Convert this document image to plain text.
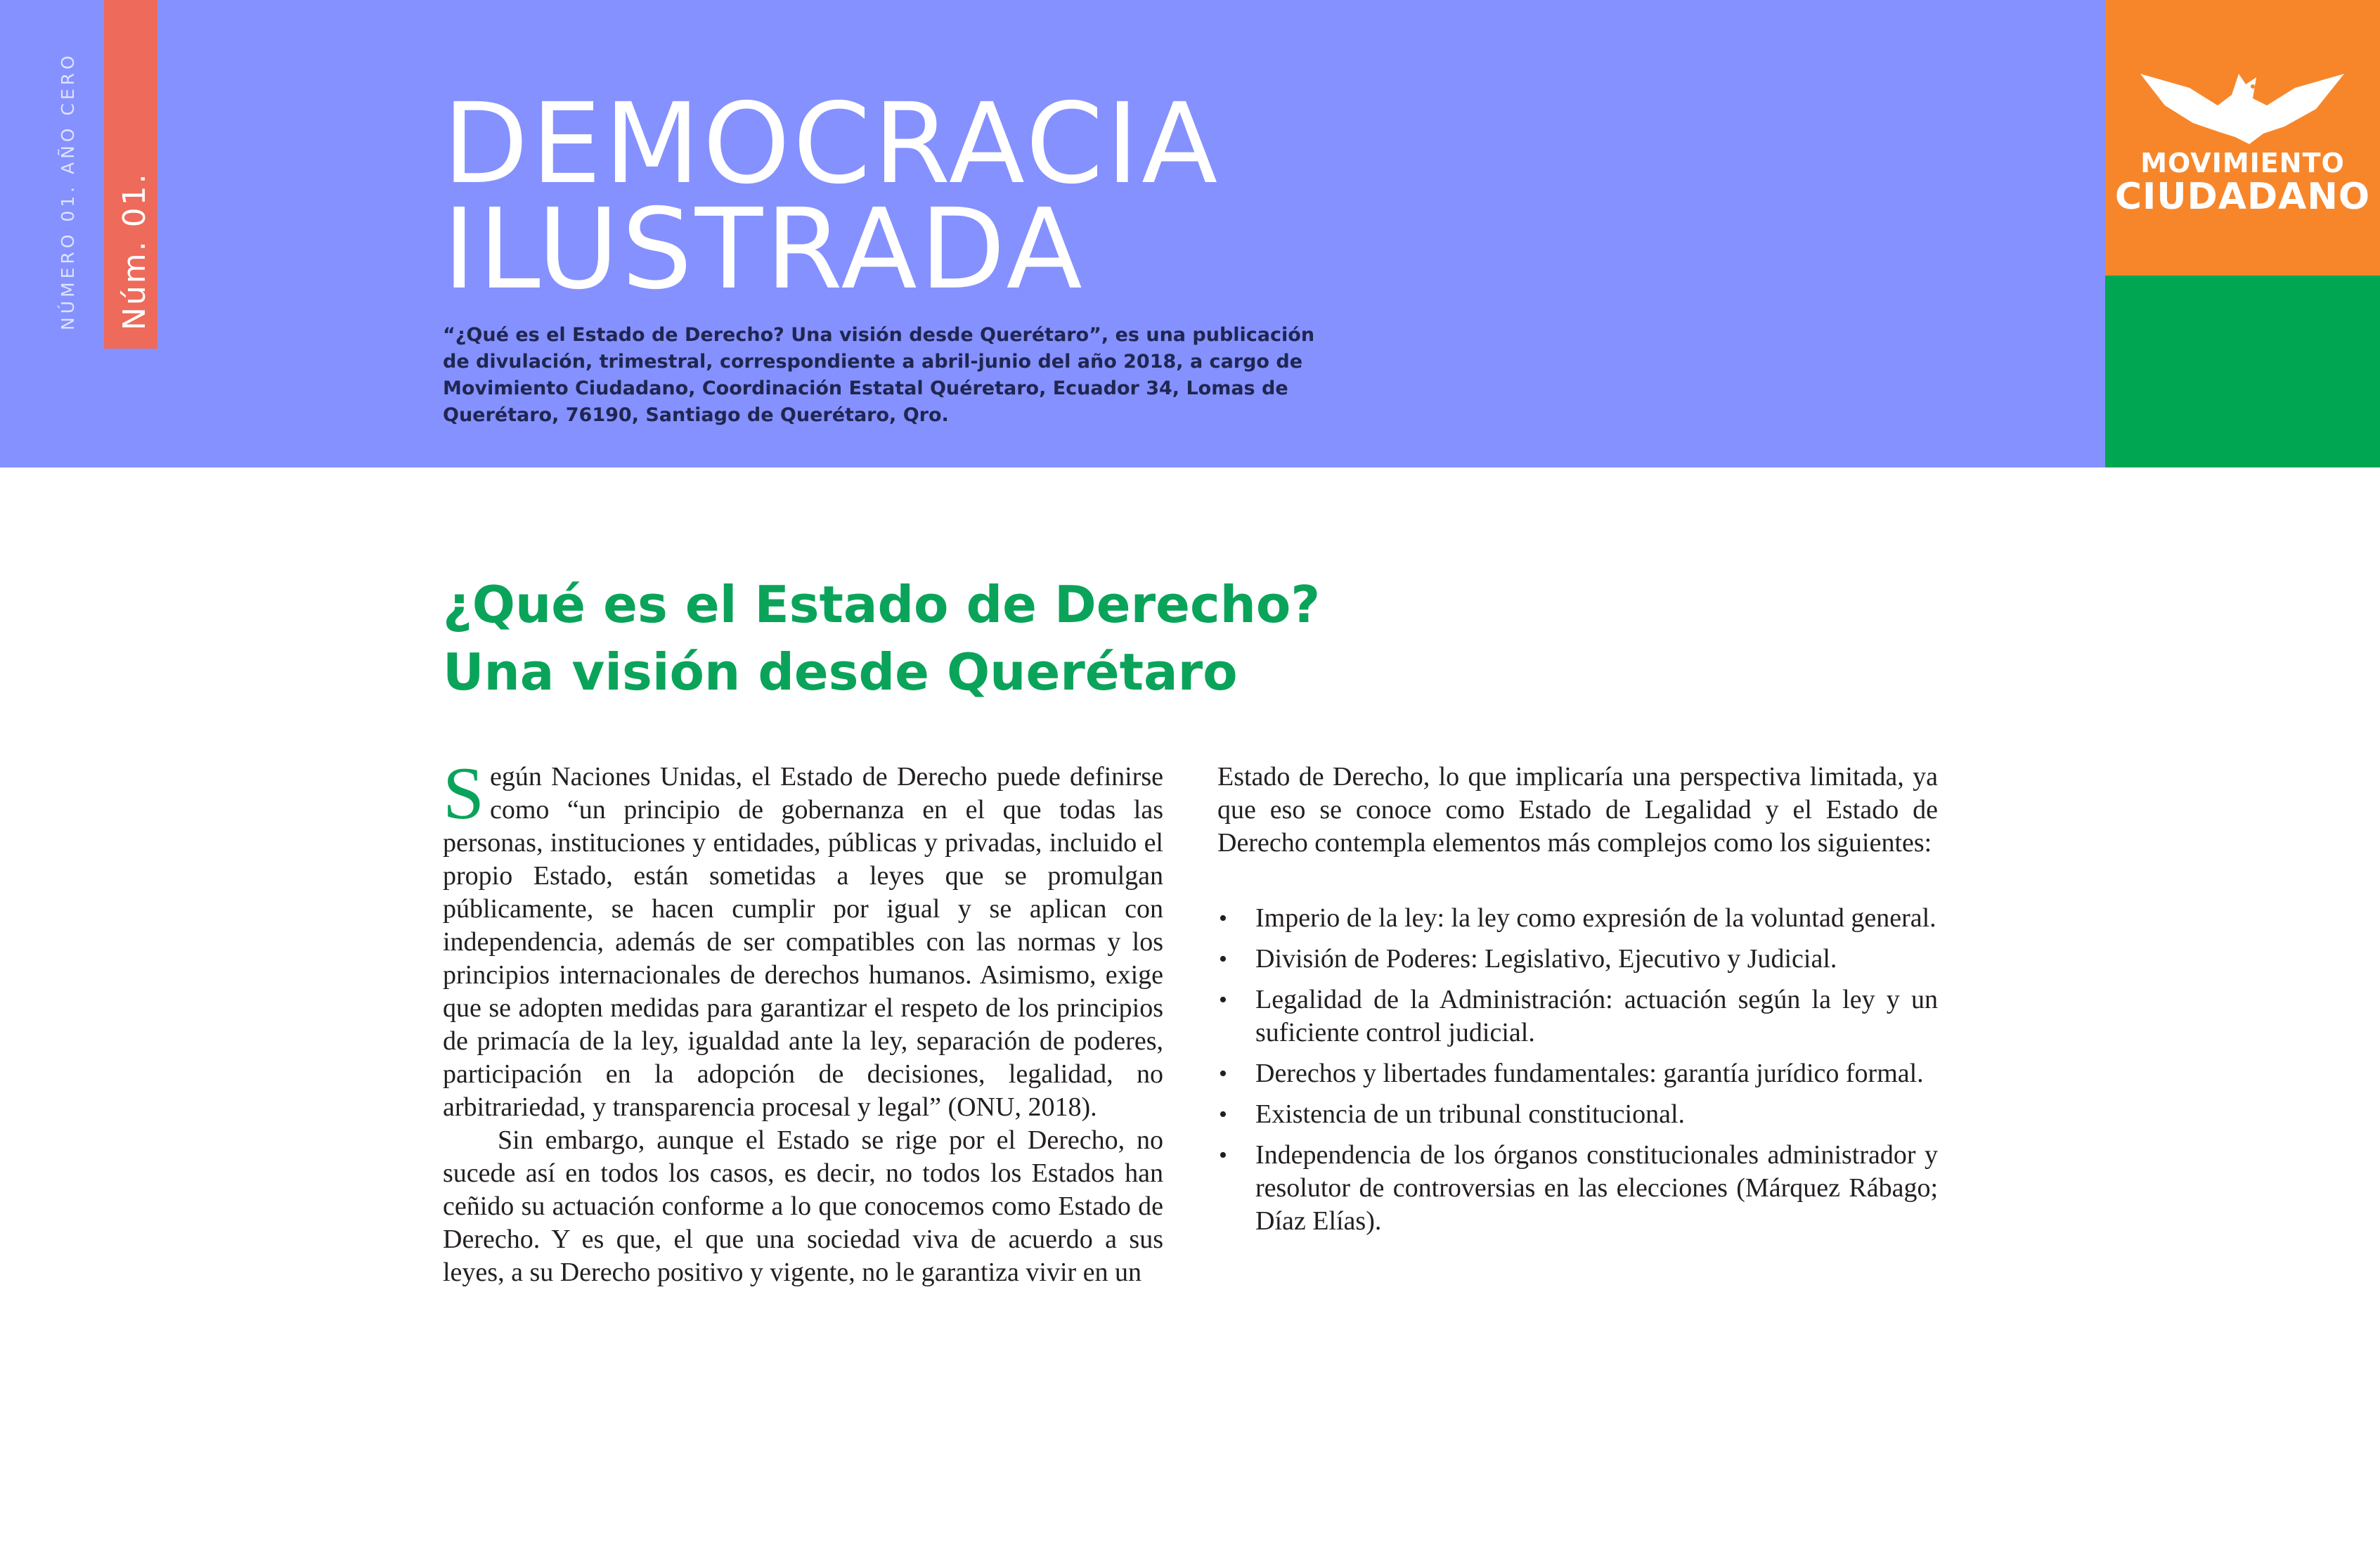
NÚMERO 01. AÑO CERO Núm. 01.
DEMOCRACIA
ILUSTRADA

“¿Qué es el Estado de Derecho? Una visión desde Querétaro”, es una publicación de divulación, trimestral, correspondiente a abril-junio del año 2018, a cargo de Movimiento Ciudadano, Coordinación Estatal Quéretaro, Ecuador 34, Lomas de Querétaro, 76190, Santiago de Querétaro, Qro.

MOVIMIENTO
CIUDADANO
¿Qué es el Estado de Derecho?
Una visión desde Querétaro

Según Naciones Unidas, el Estado de Derecho puede definirse como “un principio de gobernanza en el que todas las personas, instituciones y entidades, públicas y privadas, incluido el propio Estado, están sometidas a leyes que se promulgan públicamente, se hacen cumplir por igual y se aplican con independencia, además de ser compatibles con las normas y los principios internacionales de derechos humanos. Asimismo, exige que se adopten medidas para garantizar el respeto de los principios de primacía de la ley, igualdad ante la ley, separación de poderes, participación en la adopción de decisiones, legalidad, no arbitrariedad, y transparencia procesal y legal” (ONU, 2018).

Sin embargo, aunque el Estado se rige por el Derecho, no sucede así en todos los casos, es decir, no todos los Estados han ceñido su actuación conforme a lo que conocemos como Estado de Derecho. Y es que, el que una sociedad viva de acuerdo a sus leyes, a su Derecho positivo y vigente, no le garantiza vivir en un

Estado de Derecho, lo que implicaría una perspectiva limitada, ya que eso se conoce como Estado de Legalidad y el Estado de Derecho contempla elementos más complejos como los siguientes:

• Imperio de la ley: la ley como expresión de la voluntad general.
• División de Poderes: Legislativo, Ejecutivo y Judicial.
• Legalidad de la Administración: actuación según la ley y un suficiente control judicial.
• Derechos y libertades fundamentales: garantía jurídico formal.
• Existencia de un tribunal constitucional.
• Independencia de los órganos constitucionales administrador y resolutor de controversias en las elecciones (Márquez Rábago; Díaz Elías).
